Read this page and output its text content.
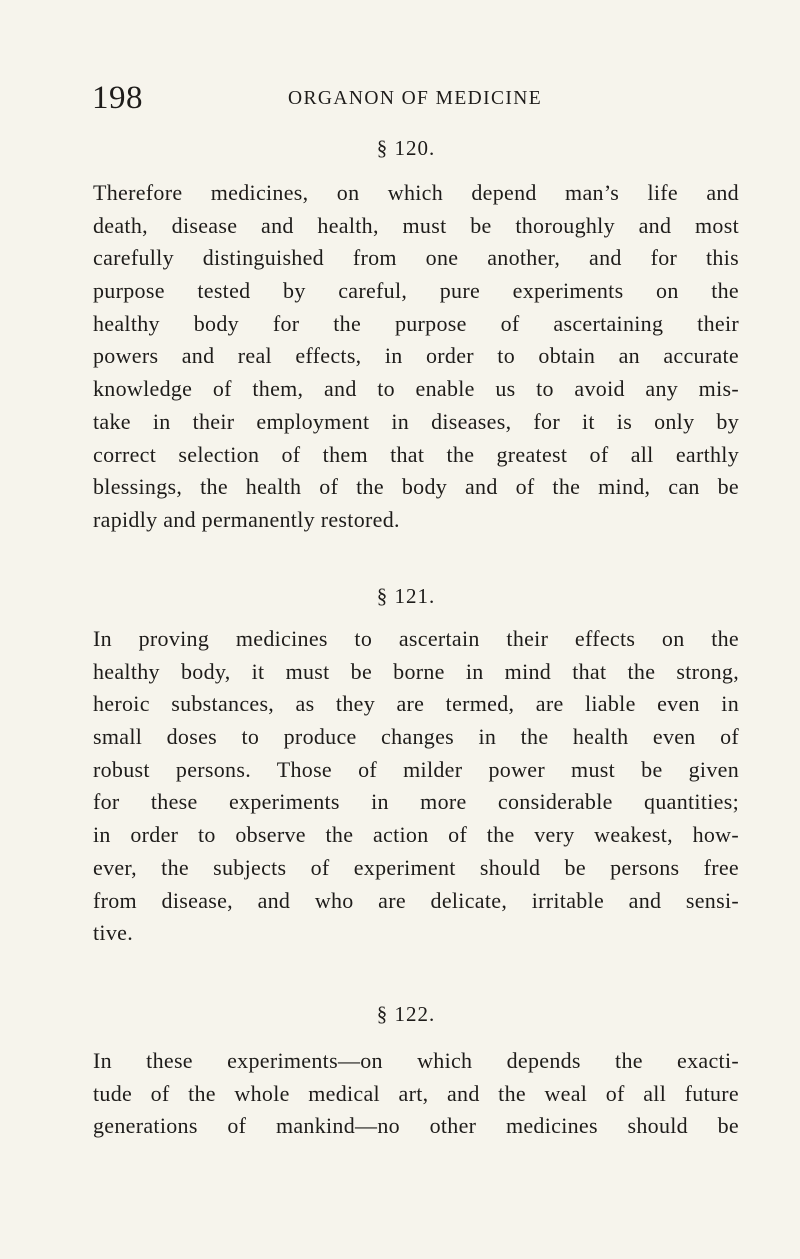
198	ORGANON OF MEDICINE
§ 120.
Therefore medicines, on which depend man’s life and
death, disease and health, must be thoroughly and most
carefully distinguished from one another, and for this
purpose tested by careful, pure experiments on the
healthy body for the purpose of ascertaining their
powers and real effects, in order to obtain an accurate
knowledge of them, and to enable us to avoid any mis-
take in their employment in diseases, for it is only by
correct selection of them that the greatest of all earthly
blessings, the health of the body and of the mind, can be
rapidly and permanently restored.
§ 121.
In proving medicines to ascertain their effects on the
healthy body, it must be borne in mind that the strong,
heroic substances, as they are termed, are liable even in
small doses to produce changes in the health even of
robust persons. Those of milder power must be given
for these experiments in more considerable quantities;
in order to observe the action of the very weakest, how-
ever, the subjects of experiment should be persons free
from disease, and who are delicate, irritable and sensi-
tive.
§ 122.
In these experiments—on which depends the exacti-
tude of the whole medical art, and the weal of all future
generations of mankind—no other medicines should be
